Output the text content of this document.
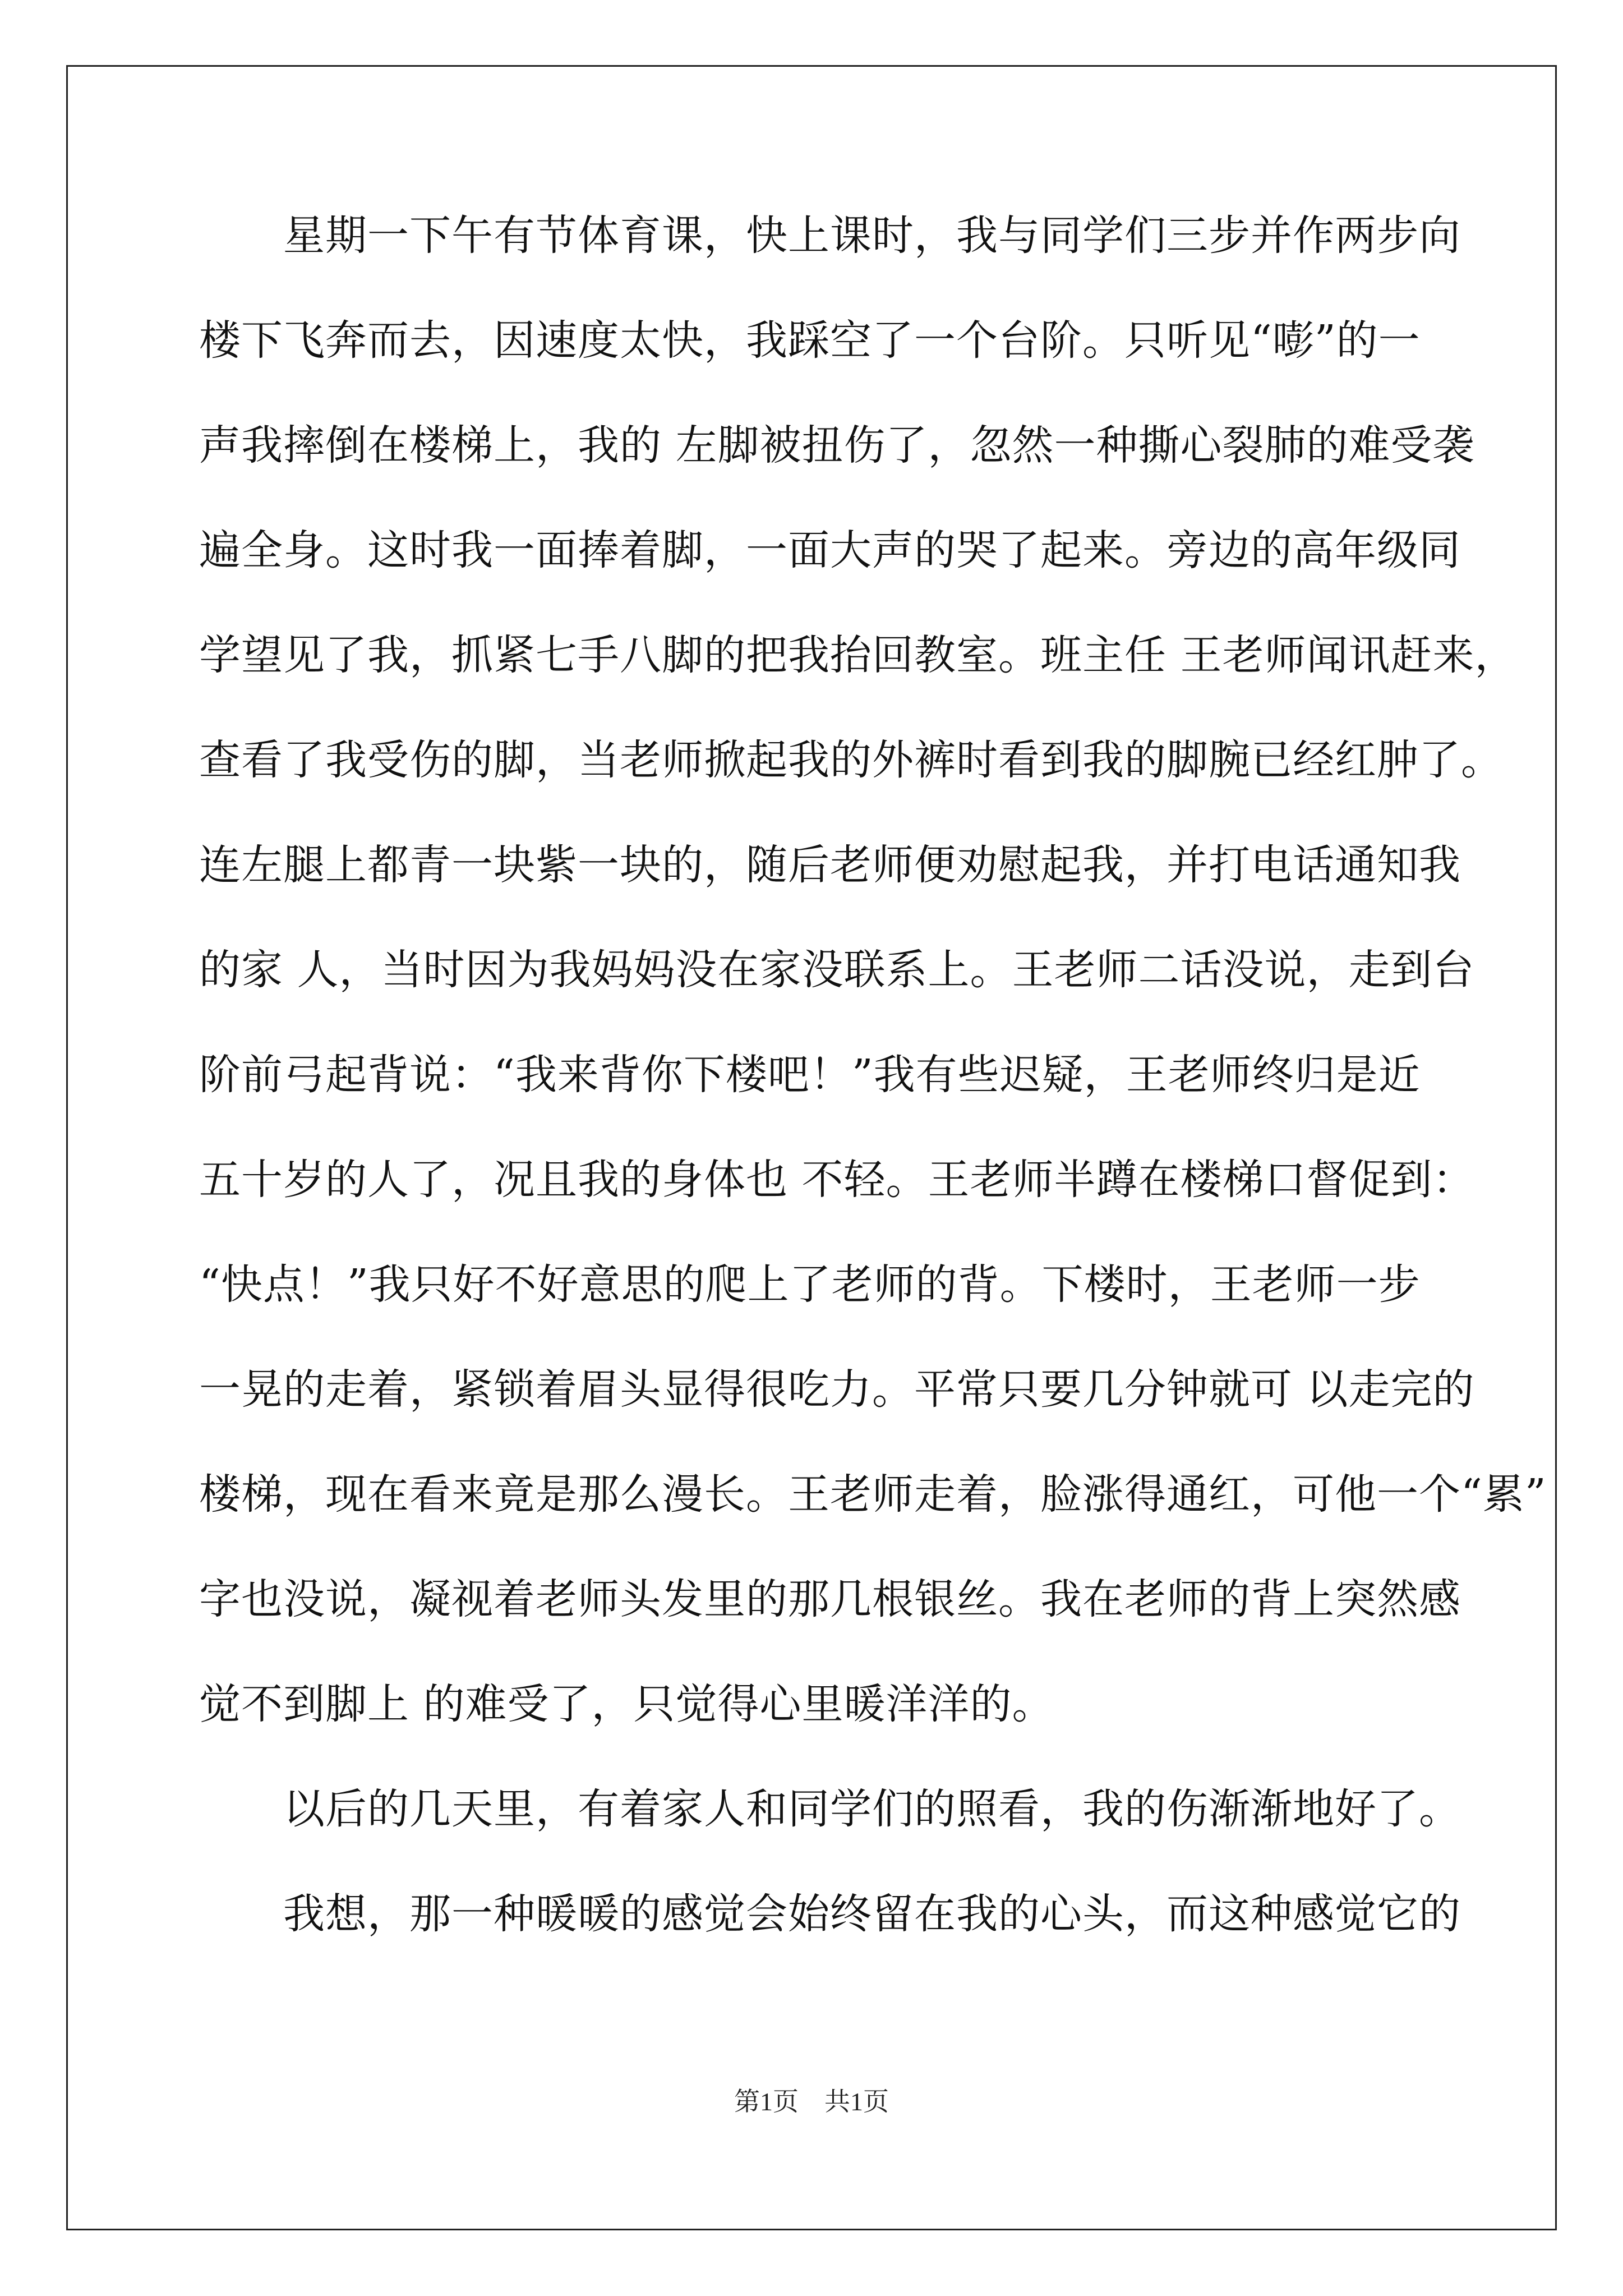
　　星期一下午有节体育课，快上课时，我与同学们三步并作两步向
楼下飞奔而去，因速度太快，我踩空了一个台阶。只听见“嘭”的一
声我摔倒在楼梯上，我的 左脚被扭伤了，忽然一种撕心裂肺的难受袭
遍全身。这时我一面捧着脚，一面大声的哭了起来。旁边的高年级同
学望见了我，抓紧七手八脚的把我抬回教室。班主任 王老师闻讯赶来，
查看了我受伤的脚，当老师掀起我的外裤时看到我的脚腕已经红肿了。
连左腿上都青一块紫一块的，随后老师便劝慰起我，并打电话通知我
的家 人，当时因为我妈妈没在家没联系上。王老师二话没说，走到台
阶前弓起背说：“我来背你下楼吧！”我有些迟疑，王老师终归是近
五十岁的人了，况且我的身体也 不轻。王老师半蹲在楼梯口督促到：
“快点！”我只好不好意思的爬上了老师的背。下楼时，王老师一步
一晃的走着，紧锁着眉头显得很吃力。平常只要几分钟就可 以走完的
楼梯，现在看来竟是那么漫长。王老师走着，脸涨得通红，可他一个“累”
字也没说，凝视着老师头发里的那几根银丝。我在老师的背上突然感
觉不到脚上 的难受了，只觉得心里暖洋洋的。
　　以后的几天里，有着家人和同学们的照看，我的伤渐渐地好了。
　　我想，那一种暖暖的感觉会始终留在我的心头，而这种感觉它的
第1页　共1页
